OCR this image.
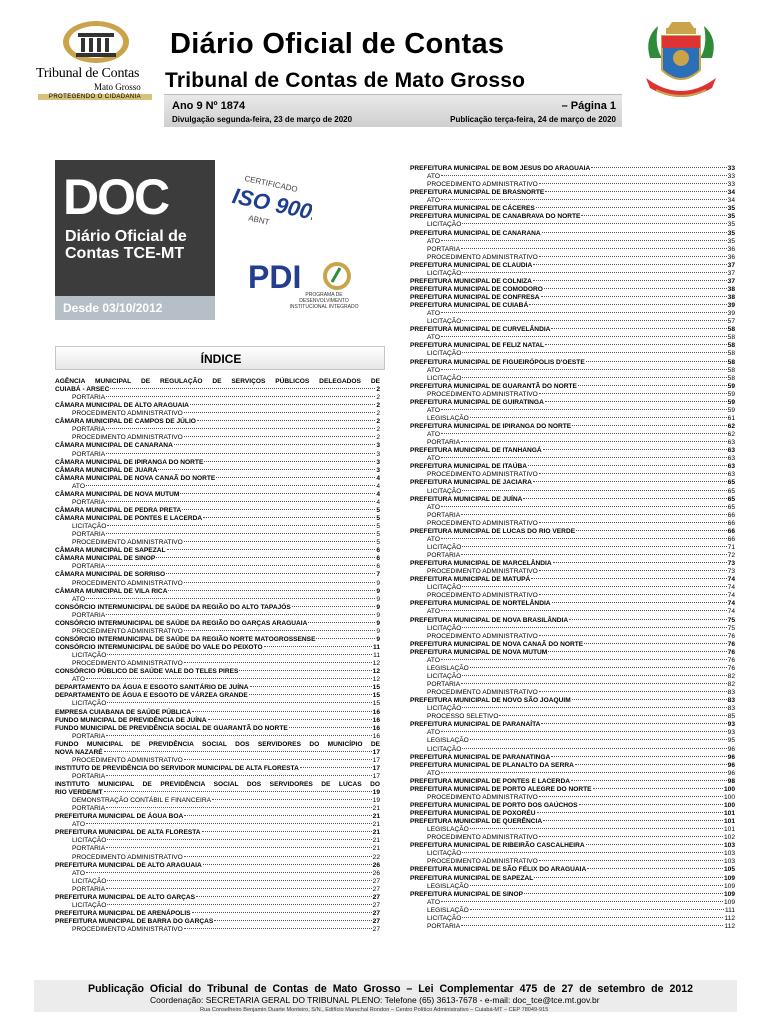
Tribunal de Contas
Mato Grosso
PROTEGENDO O CIDADANIA
Diário Oficial de Contas
Tribunal de Contas de Mato Grosso
Ano 9 Nº 1874	– Página 1
Divulgação segunda-feira, 23 de março de 2020	Publicação terça-feira, 24 de março de 2020
DOC
Diário Oficial de Contas TCE-MT
Desde 03/10/2012
CERTIFICADO
ISO 9001
ABNT
PDI PROGRAMA DE DESENVOLVIMENTO INSTITUCIONAL INTEGRADO
ÍNDICE
AGÊNCIA MUNICIPAL DE REGULAÇÃO DE SERVIÇOS PÚBLICOS DELEGADOS DE
CUIABÁ - ARSEC	2
PORTARIA	2
CÂMARA MUNICIPAL DE ALTO ARAGUAIA	2
PROCEDIMENTO ADMINISTRATIVO	2
CÂMARA MUNICIPAL DE CAMPOS DE JÚLIO	2
PORTARIA	2
PROCEDIMENTO ADMINISTRATIVO	2
CÂMARA MUNICIPAL DE CANARANA	3
PORTARIA	3
CÂMARA MUNICIPAL DE IPIRANGA DO NORTE	3
CÂMARA MUNICIPAL DE JUARA	3
CÂMARA MUNICIPAL DE NOVA CANAÃ DO NORTE	4
ATO	4
CÂMARA MUNICIPAL DE NOVA MUTUM	4
PORTARIA	4
CÂMARA MUNICIPAL DE PEDRA PRETA	5
CÂMARA MUNICIPAL DE PONTES E LACERDA	5
LICITAÇÃO	5
PORTARIA	5
PROCEDIMENTO ADMINISTRATIVO	5
CÂMARA MUNICIPAL DE SAPEZAL	6
CÂMARA MUNICIPAL DE SINOP	6
PORTARIA	6
CÂMARA MUNICIPAL DE SORRISO	7
PROCEDIMENTO ADMINISTRATIVO	9
CÂMARA MUNICIPAL DE VILA RICA	9
ATO	9
CONSÓRCIO INTERMUNICIPAL DE SAÚDE DA REGIÃO DO ALTO TAPAJÓS	9
PORTARIA	9
CONSÓRCIO INTERMUNICIPAL DE SAÚDE DA REGIÃO DO GARÇAS ARAGUAIA	9
PROCEDIMENTO ADMINISTRATIVO	9
CONSÓRCIO INTERMUNICIPAL DE SAÚDE DA REGIÃO NORTE MATOGROSSENSE	9
CONSÓRCIO INTERMUNICIPAL DE SAÚDE DO VALE DO PEIXOTO	11
LICITAÇÃO	11
PROCEDIMENTO ADMINISTRATIVO	12
CONSÓRCIO PÚBLICO DE SAÚDE VALE DO TELES PIRES	12
ATO	12
DEPARTAMENTO DA ÁGUA E ESGOTO SANITÁRIO DE JUÍNA	15
DEPARTAMENTO DE ÁGUA E ESGOTO DE VÁRZEA GRANDE	15
LICITAÇÃO	15
EMPRESA CUIABANA DE SAÚDE PÚBLICA	16
FUNDO MUNICIPAL DE PREVIDÊNCIA DE JUÍNA	16
FUNDO MUNICIPAL DE PREVIDÊNCIA SOCIAL DE GUARANTÃ DO NORTE	16
PORTARIA	16
FUNDO MUNICIPAL DE PREVIDÊNCIA SOCIAL DOS SERVIDORES DO MUNICÍPIO DE
NOVA NAZARÉ	17
PROCEDIMENTO ADMINISTRATIVO	17
INSTITUTO DE PREVIDÊNCIA DO SERVIDOR MUNICIPAL DE ALTA FLORESTA	17
PORTARIA	17
INSTITUTO MUNICIPAL DE PREVIDÊNCIA SOCIAL DOS SERVIDORES DE LUCAS DO
RIO VERDE/MT	19
DEMONSTRAÇÃO CONTÁBIL E FINANCEIRA	19
PORTARIA	21
PREFEITURA MUNICIPAL DE ÁGUA BOA	21
ATO	21
PREFEITURA MUNICIPAL DE ALTA FLORESTA	21
LICITAÇÃO	21
PORTARIA	21
PROCEDIMENTO ADMINISTRATIVO	22
PREFEITURA MUNICIPAL DE ALTO ARAGUAIA	26
ATO	26
LICITAÇÃO	27
PORTARIA	27
PREFEITURA MUNICIPAL DE ALTO GARÇAS	27
LICITAÇÃO	27
PREFEITURA MUNICIPAL DE ARENÁPOLIS	27
PREFEITURA MUNICIPAL DE BARRA DO GARÇAS	27
PROCEDIMENTO ADMINISTRATIVO	27
PREFEITURA MUNICIPAL DE BOM JESUS DO ARAGUAIA	33
ATO	33
PROCEDIMENTO ADMINISTRATIVO	33
PREFEITURA MUNICIPAL DE BRASNORTE	34
ATO	34
PREFEITURA MUNICIPAL DE CÁCERES	35
PREFEITURA MUNICIPAL DE CANABRAVA DO NORTE	35
LICITAÇÃO	35
PREFEITURA MUNICIPAL DE CANARANA	35
ATO	35
PORTARIA	36
PROCEDIMENTO ADMINISTRATIVO	36
PREFEITURA MUNICIPAL DE CLAUDIA	37
LICITAÇÃO	37
PREFEITURA MUNICIPAL DE COLNIZA	37
PREFEITURA MUNICIPAL DE COMODORO	38
PREFEITURA MUNICIPAL DE CONFRESA	38
PREFEITURA MUNICIPAL DE CUIABÁ	39
ATO	39
LICITAÇÃO	57
PREFEITURA MUNICIPAL DE CURVELÂNDIA	58
ATO	58
PREFEITURA MUNICIPAL DE FELIZ NATAL	58
LICITAÇÃO	58
PREFEITURA MUNICIPAL DE FIGUEIRÓPOLIS D'OESTE	58
ATO	58
LICITAÇÃO	58
PREFEITURA MUNICIPAL DE GUARANTÃ DO NORTE	59
PROCEDIMENTO ADMINISTRATIVO	59
PREFEITURA MUNICIPAL DE GUIRATINGA	59
ATO	59
LEGISLAÇÃO	61
PREFEITURA MUNICIPAL DE IPIRANGA DO NORTE	62
ATO	62
PORTARIA	63
PREFEITURA MUNICIPAL DE ITANHANGÁ	63
ATO	63
PREFEITURA MUNICIPAL DE ITAÚBA	63
PROCEDIMENTO ADMINISTRATIVO	63
PREFEITURA MUNICIPAL DE JACIARA	65
LICITAÇÃO	65
PREFEITURA MUNICIPAL DE JUÍNA	65
ATO	65
PORTARIA	66
PROCEDIMENTO ADMINISTRATIVO	66
PREFEITURA MUNICIPAL DE LUCAS DO RIO VERDE	66
ATO	66
LICITAÇÃO	71
PORTARIA	72
PREFEITURA MUNICIPAL DE MARCELÂNDIA	73
PROCEDIMENTO ADMINISTRATIVO	73
PREFEITURA MUNICIPAL DE MATUPÁ	74
LICITAÇÃO	74
PROCEDIMENTO ADMINISTRATIVO	74
PREFEITURA MUNICIPAL DE NORTELÂNDIA	74
ATO	74
PREFEITURA MUNICIPAL DE NOVA BRASILÂNDIA	75
LICITAÇÃO	75
PROCEDIMENTO ADMINISTRATIVO	76
PREFEITURA MUNICIPAL DE NOVA CANAÃ DO NORTE	76
PREFEITURA MUNICIPAL DE NOVA MUTUM	76
ATO	76
LEGISLAÇÃO	76
LICITAÇÃO	82
PORTARIA	82
PROCEDIMENTO ADMINISTRATIVO	83
PREFEITURA MUNICIPAL DE NOVO SÃO JOAQUIM	83
LICITAÇÃO	83
PROCESSO SELETIVO	85
PREFEITURA MUNICIPAL DE PARANAÍTA	93
ATO	93
LEGISLAÇÃO	95
LICITAÇÃO	96
PREFEITURA MUNICIPAL DE PARANATINGA	96
PREFEITURA MUNICIPAL DE PLANALTO DA SERRA	96
ATO	96
PREFEITURA MUNICIPAL DE PONTES E LACERDA	98
PREFEITURA MUNICIPAL DE PORTO ALEGRE DO NORTE	100
PROCEDIMENTO ADMINISTRATIVO	100
PREFEITURA MUNICIPAL DE PORTO DOS GAÚCHOS	100
PREFEITURA MUNICIPAL DE POXORÉU	101
PREFEITURA MUNICIPAL DE QUERÊNCIA	101
LEGISLAÇÃO	101
PROCEDIMENTO ADMINISTRATIVO	102
PREFEITURA MUNICIPAL DE RIBEIRÃO CASCALHEIRA	103
LICITAÇÃO	103
PROCEDIMENTO ADMINISTRATIVO	103
PREFEITURA MUNICIPAL DE SÃO FÉLIX DO ARAGUAIA	105
PREFEITURA MUNICIPAL DE SAPEZAL	109
LEGISLAÇÃO	109
PREFEITURA MUNICIPAL DE SINOP	109
ATO	109
LEGISLAÇÃO	111
LICITAÇÃO	112
PORTARIA	112
Publicação Oficial do Tribunal de Contas de Mato Grosso – Lei Complementar 475 de 27 de setembro de 2012
Coordenação: SECRETARIA GERAL DO TRIBUNAL PLENO: Telefone (65) 3613-7678 - e-mail: doc_tce@tce.mt.gov.br
Rua Conselheiro Benjamin Duarte Monteiro, S/N., Edifício Marechal Rondon – Centro Político Administrativo – Cuiabá-MT – CEP 78049-915
